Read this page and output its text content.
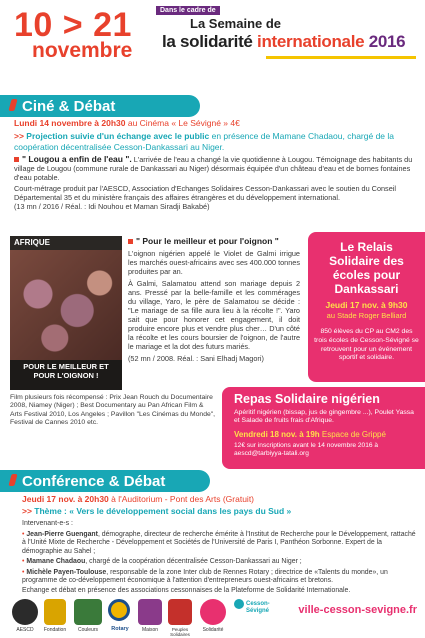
10 > 21
novembre
Dans le cadre de
La Semaine de
la solidarité internationale 2016
Ciné & Débat
Lundi 14 novembre à 20h30 au Cinéma « Le Sévigné » 4€
>> Projection suivie d'un échange avec le public en présence de Mamane Chadaou, chargé de la coopération décentralisée Cesson-Dankassari au Niger.
" Lougou a enfin de l'eau ". L'arrivée de l'eau a changé la vie quotidienne à Lougou. Témoignage des habitants du village de Lougou (commune rurale de Dankassari au Niger) désormais équipée d'un château d'eau et de bornes fontaines d'eau potable.
Court-métrage produit par l'AESCD, Association d'Echanges Solidaires Cesson-Dankassari avec le soutien du Conseil Départemental 35 et du ministère français des affaires étrangères et du développement international.
(13 mn / 2016 / Réal. : Idi Nouhou et Maman Siradji Bakabé)
AFRIQUE
POUR LE MEILLEUR ET POUR L'OIGNON !
" Pour le meilleur et pour l'oignon "
L'oignon nigérien appelé le Violet de Galmi irrigue les marchés ouest-africains avec ses 400.000 tonnes produites par an.
À Galmi, Salamatou attend son mariage depuis 2 ans. Pressé par la belle-famille et les commérages du village, Yaro, le père de Salamatou se décide : "Le mariage de sa fille aura lieu à la récolte !". Yaro sait que pour honorer cet engagement, il doit produire encore plus et vendre plus cher… D'un côté la récolte et les cours boursier de l'oignon, de l'autre le mariage et la dot des futurs mariés.
(52 mn / 2008. Réal. : Sani Elhadj Magori)
Film plusieurs fois récompensé : Prix Jean Rouch du Documentaire 2008, Niamey (Niger) ; Best Documentary au Pan African Film & Arts Festival 2010, Los Angeles ; Pavillon "Les Cinémas du Monde", Festival de Cannes 2010 etc.
Le Relais Solidaire des écoles pour Dankassari
Jeudi 17 nov. à 9h30
au Stade Roger Belliard
850 élèves du CP au CM2 des trois écoles de Cesson-Sévigné se retrouvent pour un événement sportif et solidaire.
Repas Solidaire nigérien
Apéritif nigérien (bissap, jus de gingembre ...), Poulet Yassa et Salade de fruits frais d'Afrique.
Vendredi 18 nov. à 19h Espace de Grippé
12€ sur inscriptions avant le 14 novembre 2016 à aescd@tarbiyya-tatali.org
Conférence & Débat
Jeudi 17 nov. à 20h30 à l'Auditorium - Pont des Arts (Gratuit)
>> Thème : « Vers le développement social dans les pays du Sud »
Intervenant-e-s :
• Jean-Pierre Guengant, démographe, directeur de recherche émérite à l'Institut de Recherche pour le Développement, rattaché à l'Unité Mixte de Recherche - Développement et Sociétés de l'Université de Paris I, Panthéon Sorbonne. Expert de la démographie au Sahel ;
• Mamane Chadaou, chargé de la coopération décentralisée Cesson-Dankassari au Niger ;
• Michèle Payen-Toulouse, responsable de la zone Inter club de Rennes Rotary ; directrice de «Talents du monde», un programme de co-développement économique à l'attention d'entrepreneurs ouest-africains et bretons.
Echange et débat en présence des associations cessonnaises de la Plateforme de Solidarité Internationale.
AESCD	Fondation	Couleurs	Rotary	Maison	Peuples Solidaires
Solidarité
Cesson-Sévigné	ville-cesson-sevigne.fr
